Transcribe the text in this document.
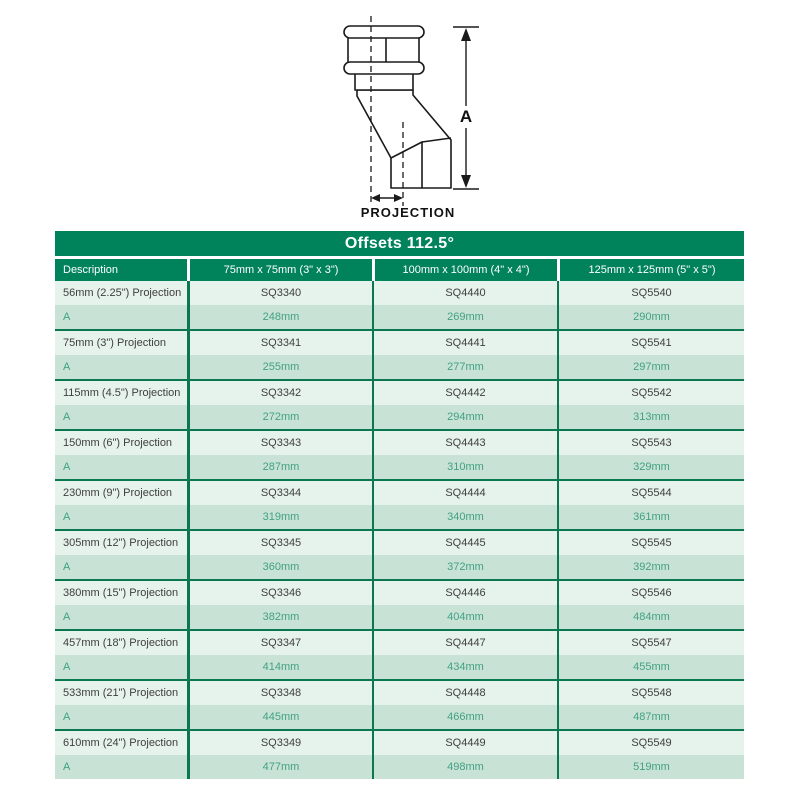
A
PROJECTION
Offsets 112.5°
Description	75mm x 75mm (3" x 3")	100mm x 100mm (4" x 4")	125mm x 125mm (5" x 5")
56mm (2.25") Projection	SQ3340	SQ4440	SQ5540
A	248mm	269mm	290mm
75mm (3") Projection	SQ3341	SQ4441	SQ5541
A	255mm	277mm	297mm
115mm (4.5") Projection	SQ3342	SQ4442	SQ5542
A	272mm	294mm	313mm
150mm (6") Projection	SQ3343	SQ4443	SQ5543
A	287mm	310mm	329mm
230mm (9") Projection	SQ3344	SQ4444	SQ5544
A	319mm	340mm	361mm
305mm (12") Projection	SQ3345	SQ4445	SQ5545
A	360mm	372mm	392mm
380mm (15") Projection	SQ3346	SQ4446	SQ5546
A	382mm	404mm	484mm
457mm (18") Projection	SQ3347	SQ4447	SQ5547
A	414mm	434mm	455mm
533mm (21") Projection	SQ3348	SQ4448	SQ5548
A	445mm	466mm	487mm
610mm (24") Projection	SQ3349	SQ4449	SQ5549
A	477mm	498mm	519mm
